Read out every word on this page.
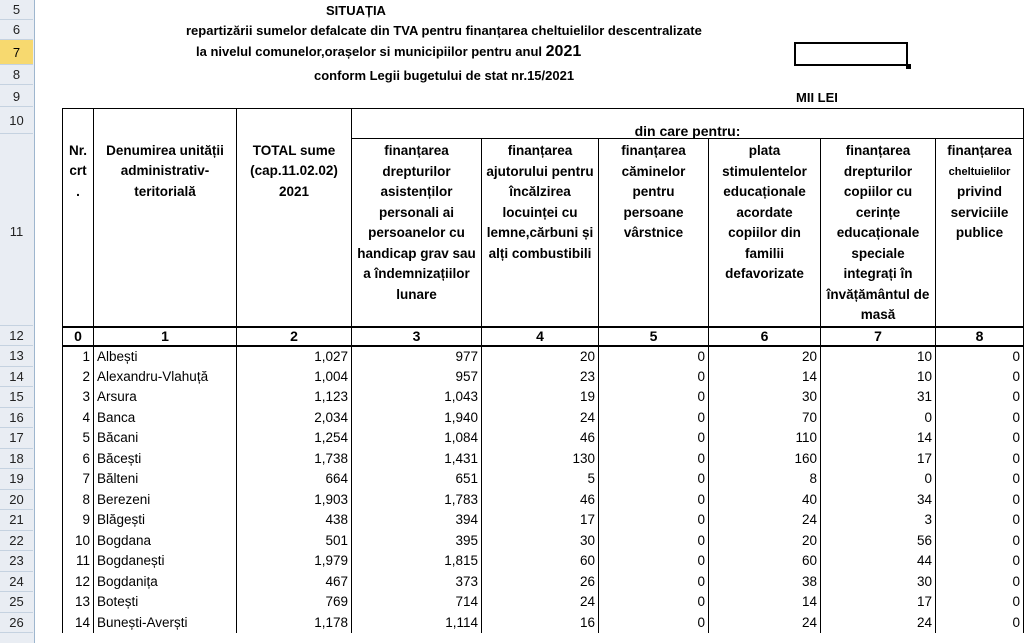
5
6
7
8
9
10
11
12
13
14
15
16
17
18
19
20
21
22
23
24
25
26
SITUAȚIA
repartizării sumelor defalcate din TVA pentru finanțarea cheltuielilor descentralizate
la nivelul comunelor,orașelor si municipiilor pentru anul 2021
conform Legii bugetului de stat nr.15/2021
MII LEI
			din care pentru:					

Nr. crt .	Denumirea unității administrativ-teritorială	TOTAL sume (cap.11.02.02) 2021	finanțarea drepturilor asistenților personali ai persoanelor cu handicap grav sau a îndemnizațiilor lunare	finanțarea ajutorului pentru încălzirea locuinței cu lemne,cărbuni și alți combustibili	finanțarea căminelor pentru persoane vârstnice	plata stimulentelor educaționale acordate copiilor din familii defavorizate	finanțarea drepturilor copiilor cu cerințe educaționale speciale integrați în învățământul de masă	finanțarea
cheltuielilor
privind serviciile publice

0	1	2	3	4	5	6	7	8
1	Albești	1,027	977	20	0	20	10	0
2	Alexandru-Vlahuță	1,004	957	23	0	14	10	0
3	Arsura	1,123	1,043	19	0	30	31	0
4	Banca	2,034	1,940	24	0	70	0	0
5	Băcani	1,254	1,084	46	0	110	14	0
6	Băcești	1,738	1,431	130	0	160	17	0
7	Bălteni	664	651	5	0	8	0	0
8	Berezeni	1,903	1,783	46	0	40	34	0
9	Blăgești	438	394	17	0	24	3	0
10	Bogdana	501	395	30	0	20	56	0
11	Bogdanești	1,979	1,815	60	0	60	44	0
12	Bogdanița	467	373	26	0	38	30	0
13	Botești	769	714	24	0	14	17	0
14	Bunești-Averști	1,178	1,114	16	0	24	24	0
